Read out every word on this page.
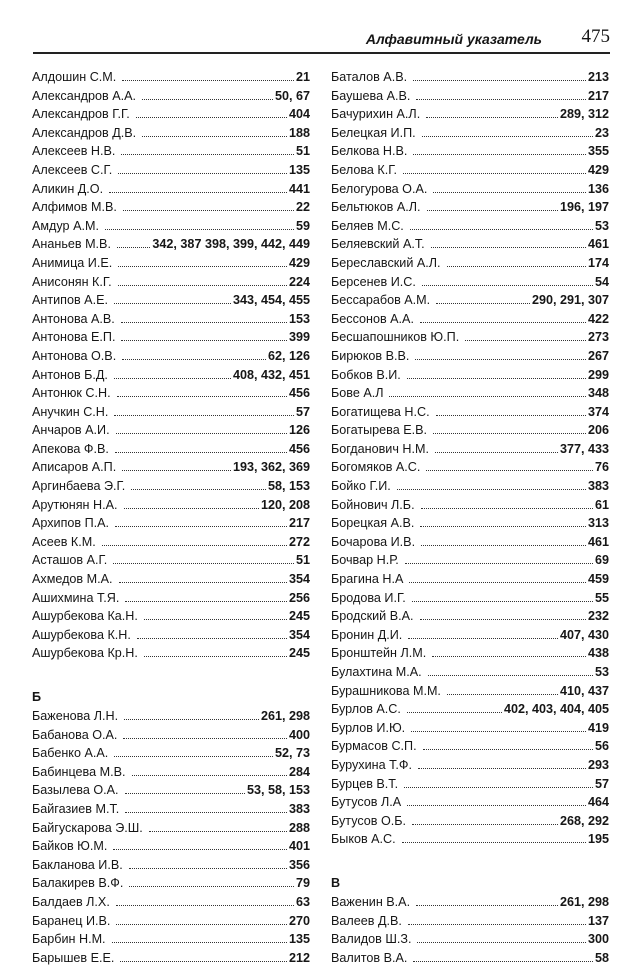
Алфавитный указатель 475
Алдошин С.М.	21
Александров А.А.	50, 67
Александров Г.Г.	404
Александров Д.В.	188
Алексеев Н.В.	51
Алексеев С.Г.	135
Аликин Д.О.	441
Алфимов М.В.	22
Амдур А.М.	59
Ананьев М.В.	342, 387 398, 399, 442, 449
Анимица И.Е.	429
Анисонян К.Г.	224
Антипов А.Е.	343, 454, 455
Антонова А.В.	153
Антонова Е.П.	399
Антонова О.В.	62, 126
Антонов Б.Д.	408, 432, 451
Антонюк С.Н.	456
Анучкин С.Н.	57
Анчаров А.И.	126
Апекова Ф.В.	456
Аписаров А.П.	193, 362, 369
Аргинбаева Э.Г.	58, 153
Арутюнян Н.А.	120, 208
Архипов П.А.	217
Асеев К.М.	272
Асташов А.Г.	51
Ахмедов М.А.	354
Ашихмина Т.Я.	256
Ашурбекова Ка.Н.	245
Ашурбекова К.Н.	354
Ашурбекова Кр.Н.	245
Б
Баженова Л.Н.	261, 298
Бабанова О.А.	400
Бабенко А.А.	52, 73
Бабинцева М.В.	284
Базылева О.А.	53, 58, 153
Байгазиев М.Т.	383
Байгускарова Э.Ш.	288
Байков Ю.М.	401
Бакланова И.В.	356
Балакирев В.Ф.	79
Балдаев Л.Х.	63
Баранец И.В.	270
Барбин Н.М.	135
Барышев Е.Е.	212
Баталов А.В.	213
Баушева А.В.	217
Бачурихин А.Л.	289, 312
Белецкая И.П.	23
Белкова Н.В.	355
Белова К.Г.	429
Белогурова О.А.	136
Бельтюков А.Л.	196, 197
Беляев М.С.	53
Беляевский А.Т.	461
Береславский А.Л.	174
Берсенев И.С.	54
Бессарабов А.М.	290, 291, 307
Бессонов А.А.	422
Бесшапошников Ю.П.	273
Бирюков В.В.	267
Бобков В.И.	299
Бове А.Л	348
Богатищева Н.С.	374
Богатырева Е.В.	206
Богданович Н.М.	377, 433
Богомяков А.С.	76
Бойко Г.И.	383
Бойнович Л.Б.	61
Борецкая А.В.	313
Бочарова И.В.	461
Бочвар Н.Р.	69
Брагина Н.А	459
Бродова И.Г.	55
Бродский В.А.	232
Бронин Д.И.	407, 430
Бронштейн Л.М.	438
Булахтина М.А.	53
Бурашникова М.М.	410, 437
Бурлов А.С.	402, 403, 404, 405
Бурлов И.Ю.	419
Бурмасов С.П.	56
Бурухина Т.Ф.	293
Бурцев В.Т.	57
Бутусов Л.А	464
Бутусов О.Б.	268, 292
Быков А.С.	195
В
Важенин В.А.	261, 298
Валеев Д.В.	137
Валидов Ш.З.	300
Валитов В.А.	58
